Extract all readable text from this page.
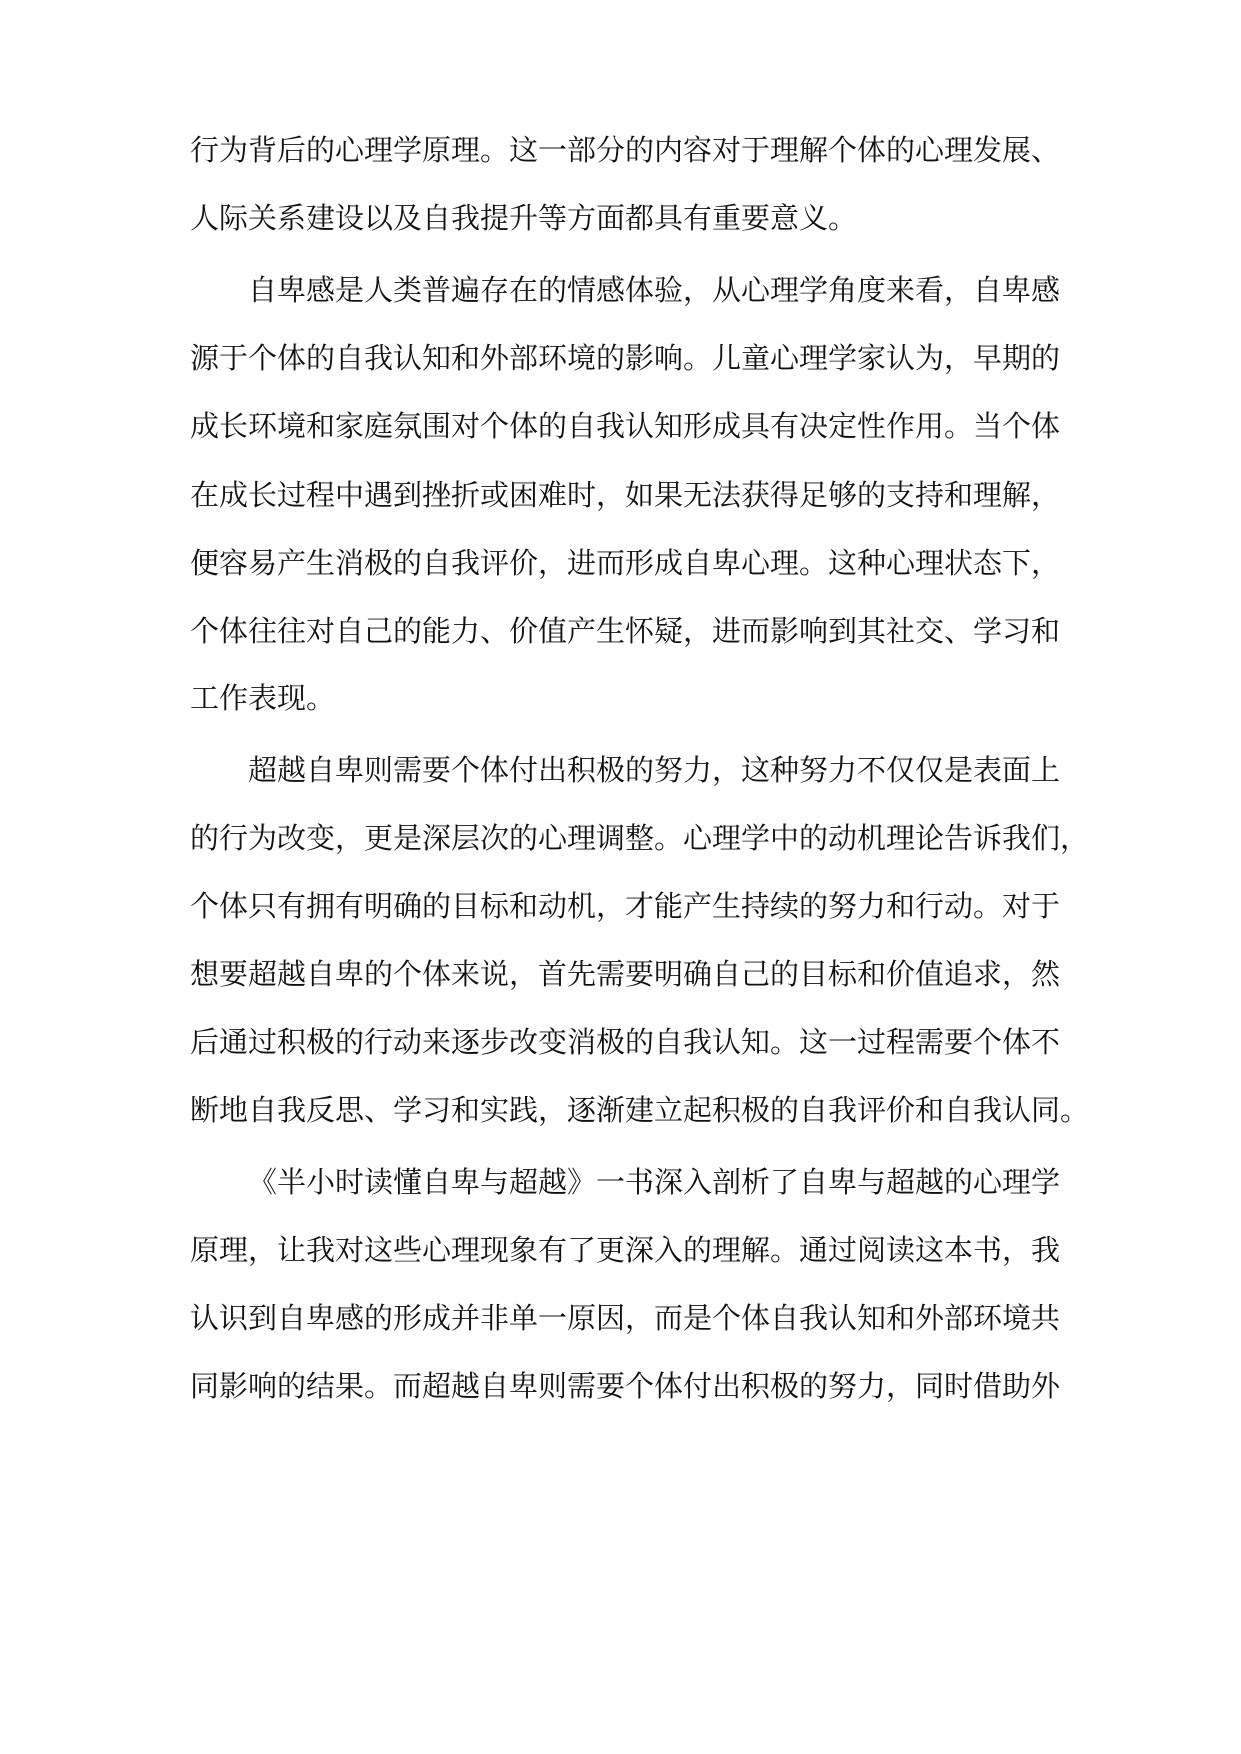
行为背后的心理学原理。这一部分的内容对于理解个体的心理发展、
人际关系建设以及自我提升等方面都具有重要意义。
自卑感是人类普遍存在的情感体验，从心理学角度来看，自卑感
源于个体的自我认知和外部环境的影响。儿童心理学家认为，早期的
成长环境和家庭氛围对个体的自我认知形成具有决定性作用。当个体
在成长过程中遇到挫折或困难时，如果无法获得足够的支持和理解，
便容易产生消极的自我评价，进而形成自卑心理。这种心理状态下，
个体往往对自己的能力、价值产生怀疑，进而影响到其社交、学习和
工作表现。
超越自卑则需要个体付出积极的努力，这种努力不仅仅是表面上
的行为改变，更是深层次的心理调整。心理学中的动机理论告诉我们，
个体只有拥有明确的目标和动机，才能产生持续的努力和行动。对于
想要超越自卑的个体来说，首先需要明确自己的目标和价值追求，然
后通过积极的行动来逐步改变消极的自我认知。这一过程需要个体不
断地自我反思、学习和实践，逐渐建立起积极的自我评价和自我认同。
《半小时读懂自卑与超越》一书深入剖析了自卑与超越的心理学
原理，让我对这些心理现象有了更深入的理解。通过阅读这本书，我
认识到自卑感的形成并非单一原因，而是个体自我认知和外部环境共
同影响的结果。而超越自卑则需要个体付出积极的努力，同时借助外
